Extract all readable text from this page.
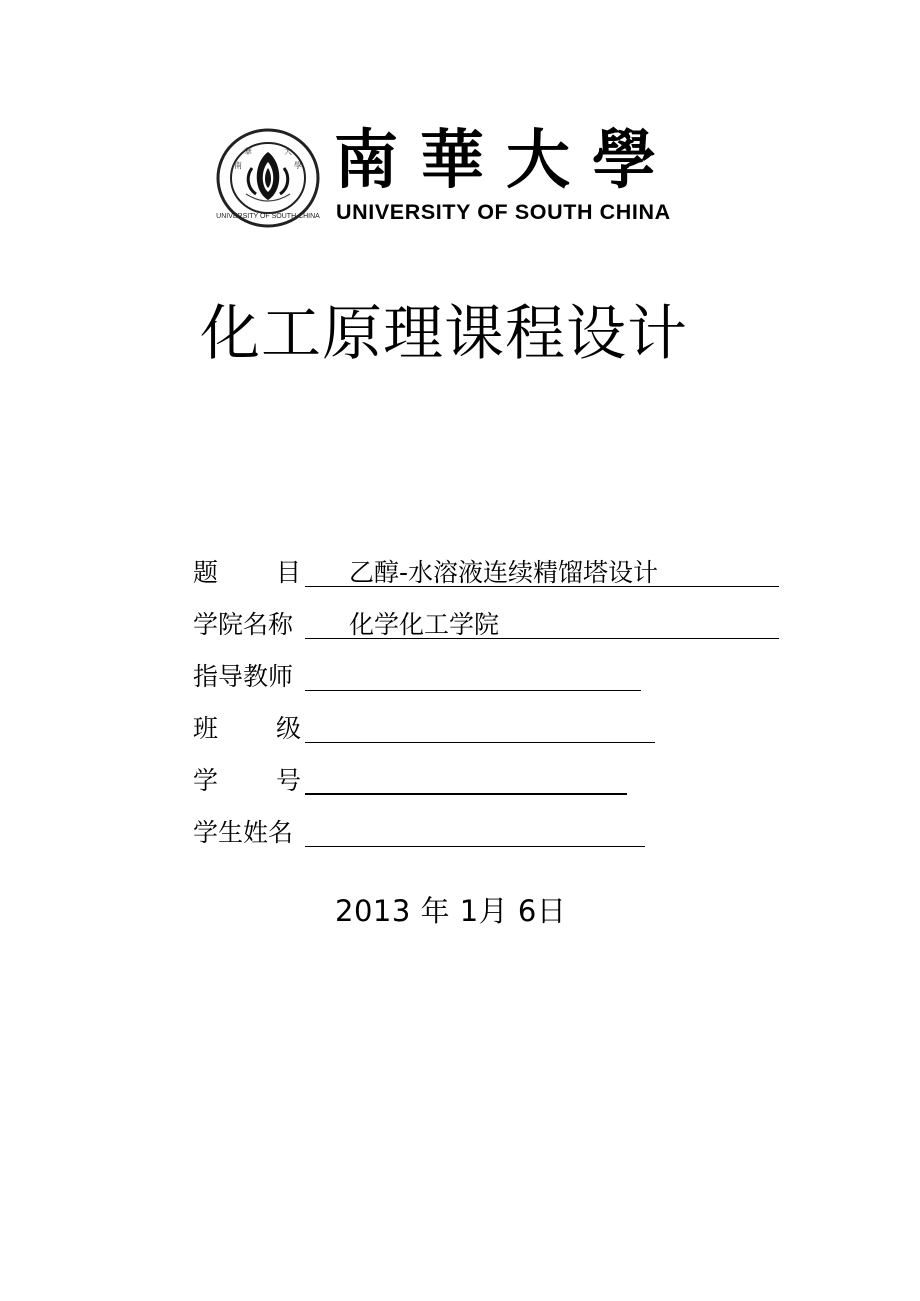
UNIVERSITY OF SOUTH CHINA
南
華	大
學 南華大學
UNIVERSITY OF SOUTH CHINA
化工原理课程设计
题 目 乙醇-水溶液连续精馏塔设计
学院名称	化学化工学院
指导教师
班 级
学 号
学生姓名
2013 年 1月 6日
